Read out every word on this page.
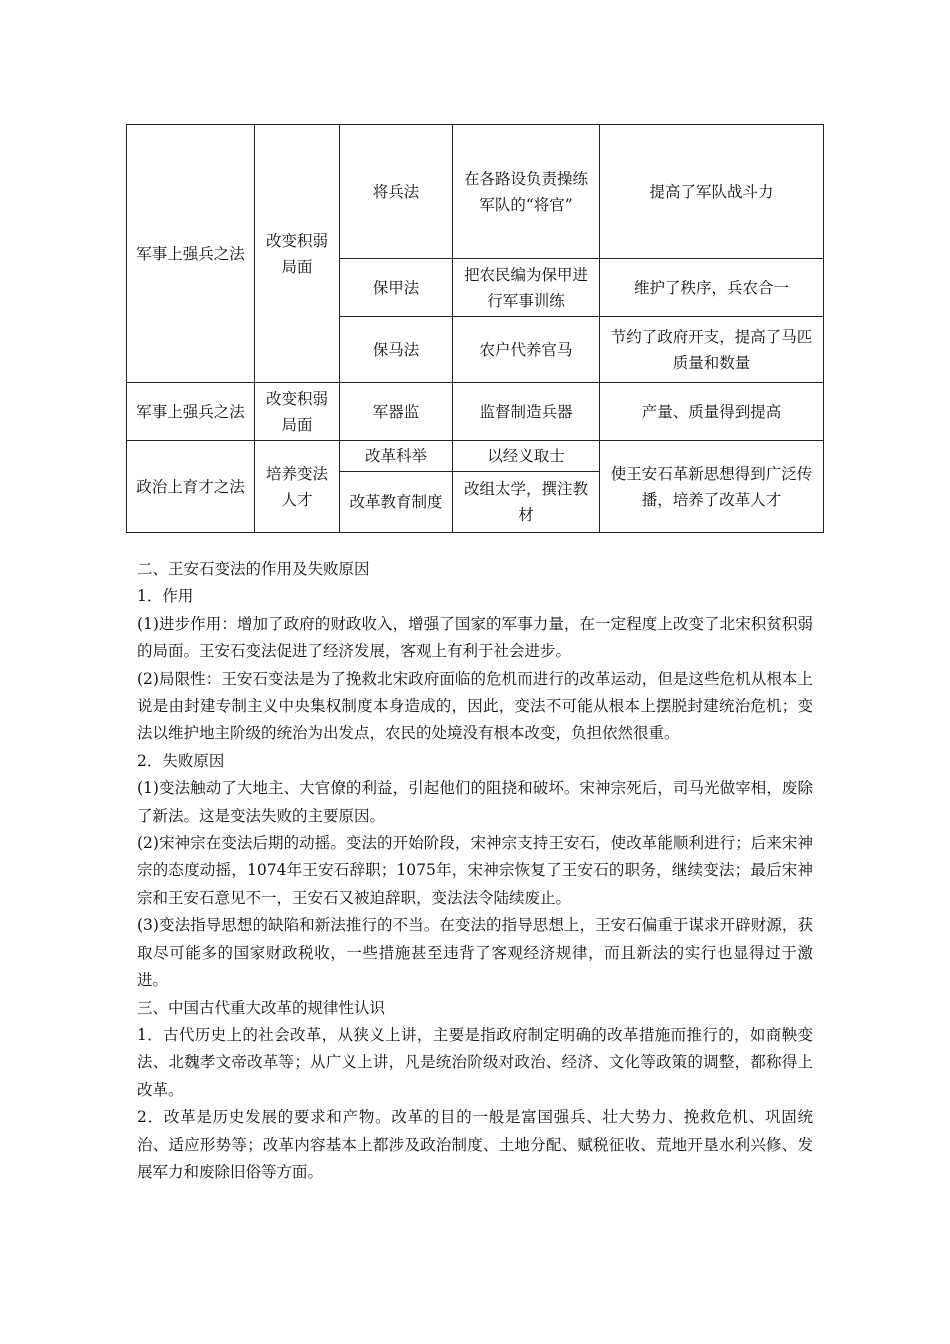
军事上强兵之法	改变积弱局面	将兵法	在各路设负责操练军队的“将官”	提高了军队战斗力
		保甲法	把农民编为保甲进行军事训练	维护了秩序，兵农合一
		保马法	农户代养官马	节约了政府开支，提高了马匹质量和数量
军事上强兵之法	改变积弱局面	军器监	监督制造兵器	产量、质量得到提高
政治上育才之法	培养变法人才	改革科举	以经义取士	使王安石革新思想得到广泛传播，培养了改革人才
		改革教育制度	改组太学，撰注教材	

二、王安石变法的作用及失败原因

1．作用

(1)进步作用：增加了政府的财政收入，增强了国家的军事力量，在一定程度上改变了北宋积贫积弱的局面。王安石变法促进了经济发展，客观上有利于社会进步。

(2)局限性：王安石变法是为了挽救北宋政府面临的危机而进行的改革运动，但是这些危机从根本上说是由封建专制主义中央集权制度本身造成的，因此，变法不可能从根本上摆脱封建统治危机；变法以维护地主阶级的统治为出发点，农民的处境没有根本改变，负担依然很重。

2．失败原因

(1)变法触动了大地主、大官僚的利益，引起他们的阻挠和破坏。宋神宗死后，司马光做宰相，废除了新法。这是变法失败的主要原因。

(2)宋神宗在变法后期的动摇。变法的开始阶段，宋神宗支持王安石，使改革能顺利进行；后来宋神宗的态度动摇，1074年王安石辞职；1075年，宋神宗恢复了王安石的职务，继续变法；最后宋神宗和王安石意见不一，王安石又被迫辞职，变法法令陆续废止。

(3)变法指导思想的缺陷和新法推行的不当。在变法的指导思想上，王安石偏重于谋求开辟财源，获取尽可能多的国家财政税收，一些措施甚至违背了客观经济规律，而且新法的实行也显得过于激进。

三、中国古代重大改革的规律性认识

1．古代历史上的社会改革，从狭义上讲，主要是指政府制定明确的改革措施而推行的，如商鞅变法、北魏孝文帝改革等；从广义上讲，凡是统治阶级对政治、经济、文化等政策的调整，都称得上改革。

2．改革是历史发展的要求和产物。改革的目的一般是富国强兵、壮大势力、挽救危机、巩固统治、适应形势等；改革内容基本上都涉及政治制度、土地分配、赋税征收、荒地开垦水利兴修、发展军力和废除旧俗等方面。
